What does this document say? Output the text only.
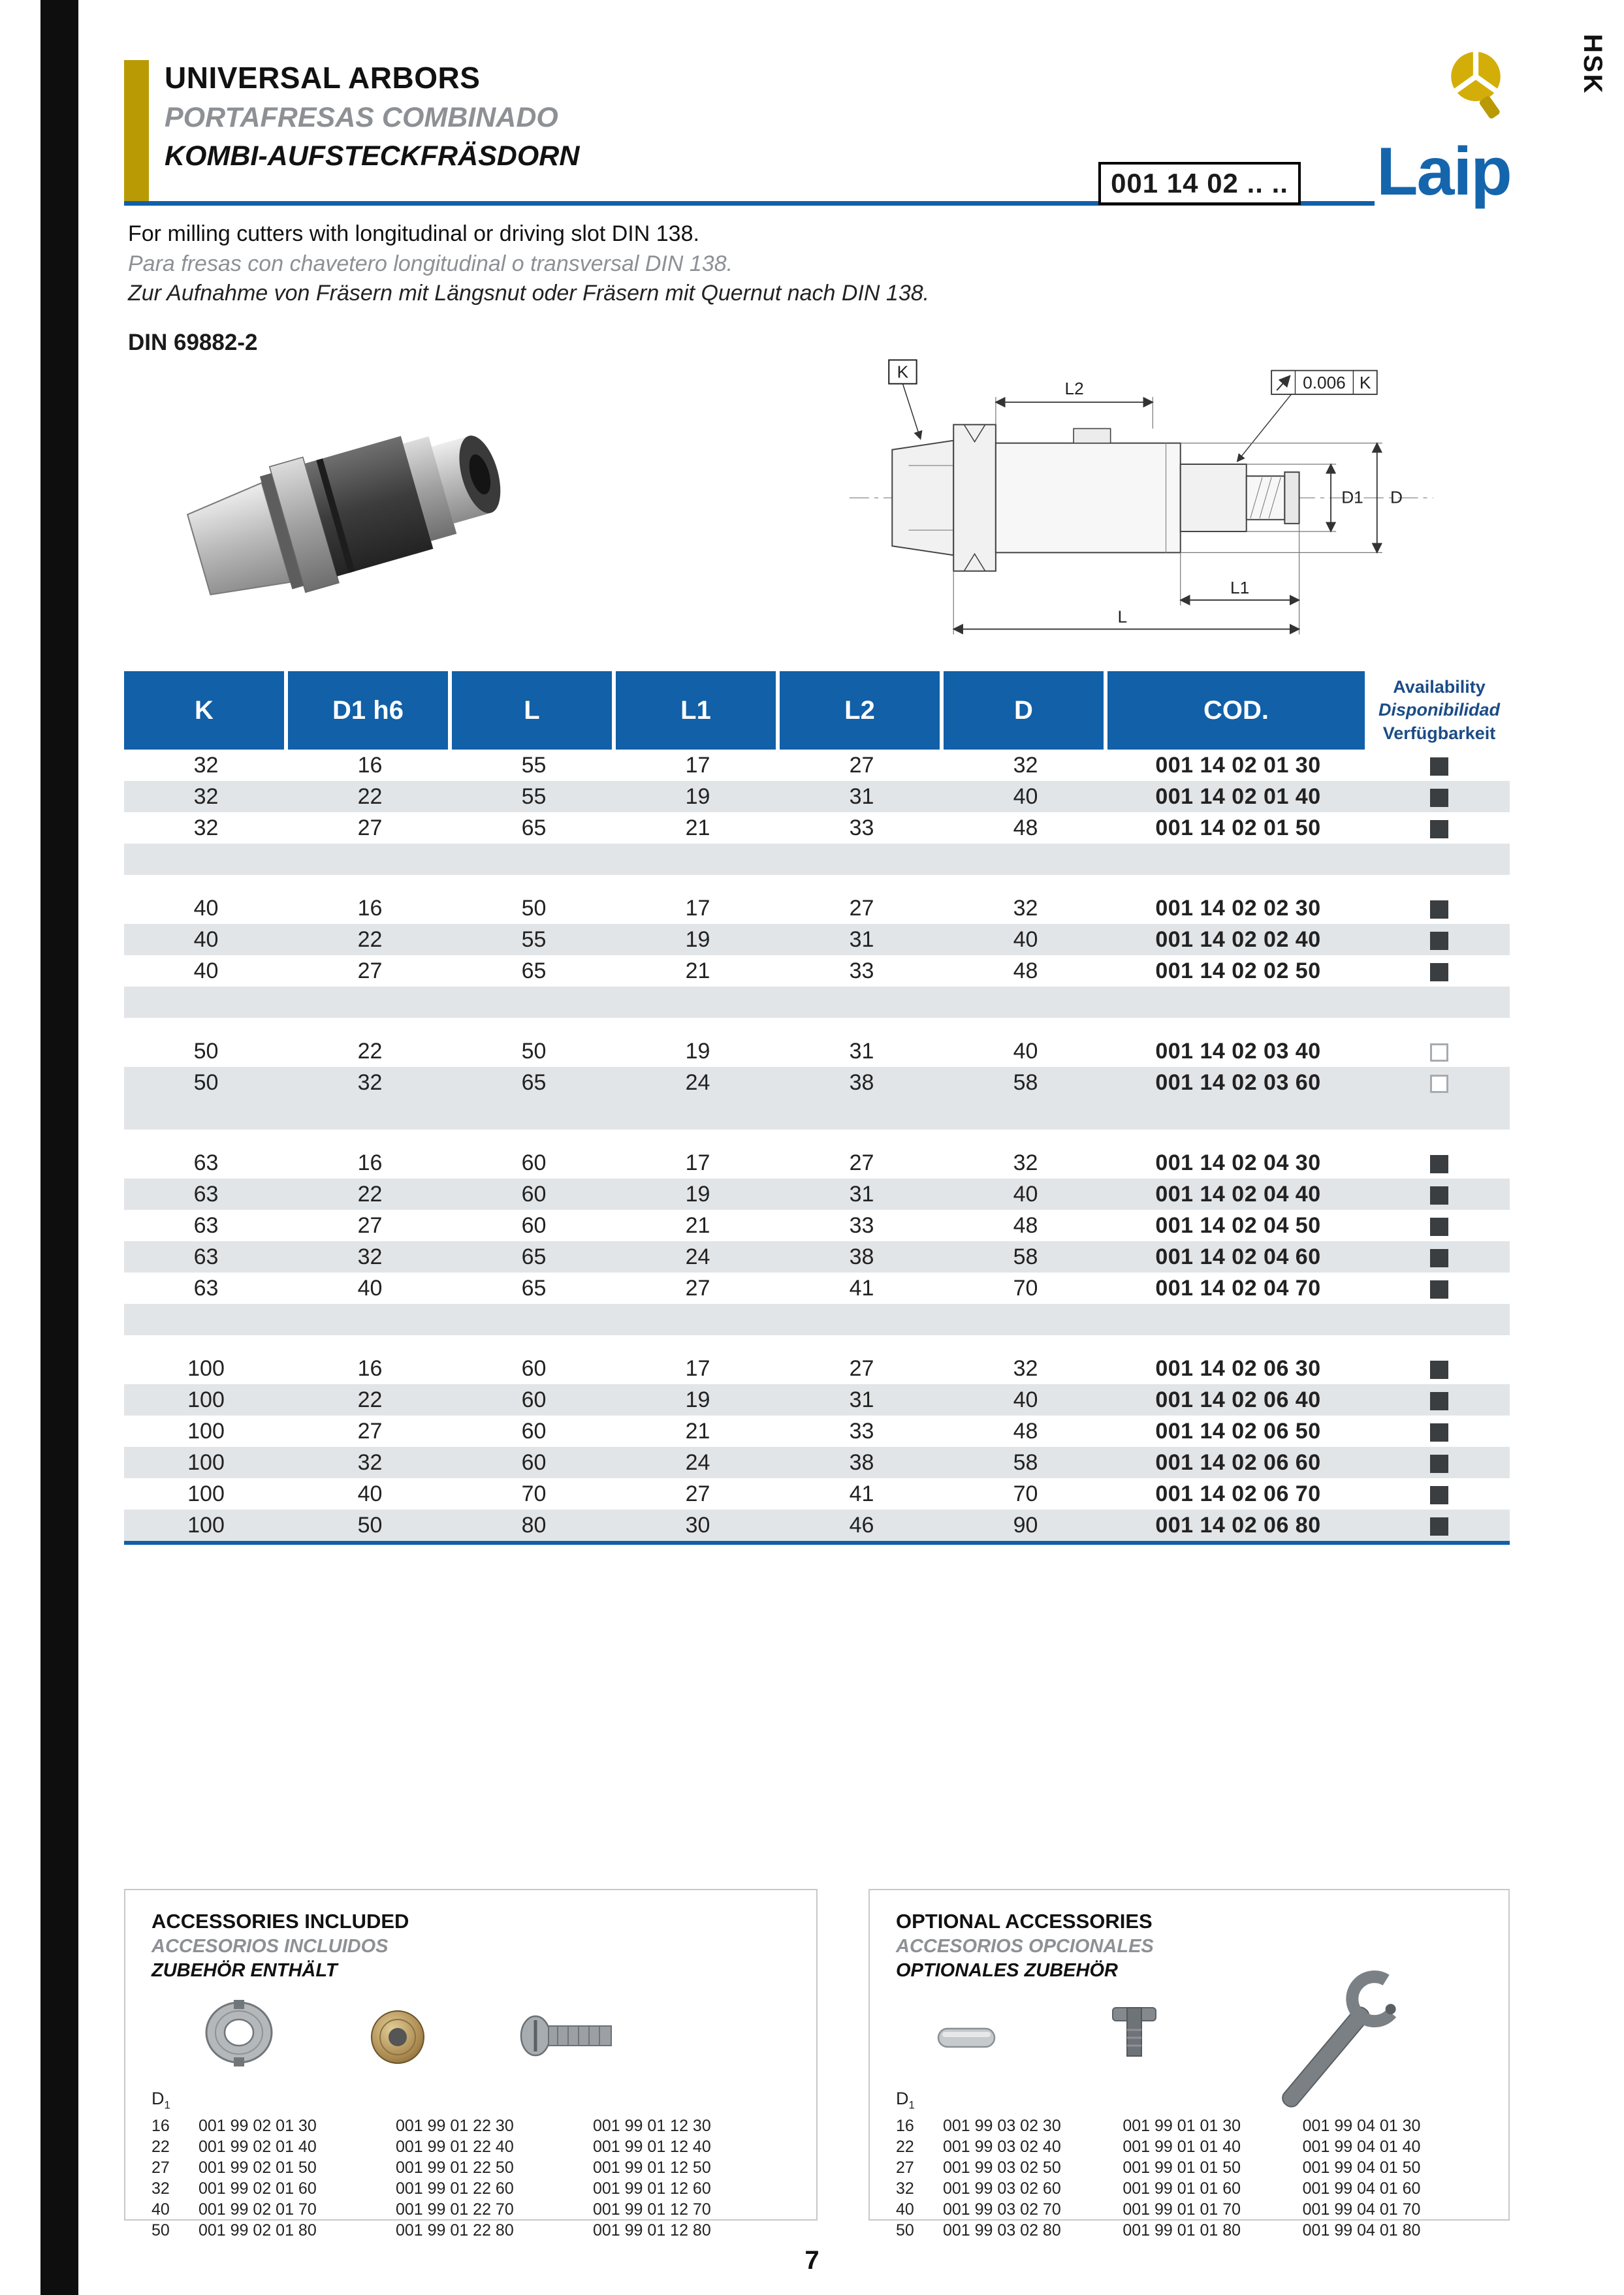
HSK
UNIVERSAL ARBORS
PORTAFRESAS COMBINADO
KOMBI-AUFSTECKFRÄSDORN
001 14 02 .. .. Laip
For milling cutters with longitudinal or driving slot DIN 138.
Para fresas con chavetero longitudinal o transversal DIN 138.
Zur Aufnahme von Fräsern mit Längsnut oder Fräsern mit Quernut nach DIN 138.
DIN 69882-2
K
L2	0.006 K
D1 D
L
L1
K	D1 h6	L	L1	L2	D	COD.	Availability
Disponibilidad
Verfügbarkeit

32	16	55	17	27	32	001 14 02 01 30	
32	22	55	19	31	40	001 14 02 01 40	
32	27	65	21	33	48	001 14 02 01 50	

40	16	50	17	27	32	001 14 02 02 30	
40	22	55	19	31	40	001 14 02 02 40	
40	27	65	21	33	48	001 14 02 02 50	

50	22	50	19	31	40	001 14 02 03 40	
50	32	65	24	38	58	001 14 02 03 60	

63	16	60	17	27	32	001 14 02 04 30	
63	22	60	19	31	40	001 14 02 04 40	
63	27	60	21	33	48	001 14 02 04 50	
63	32	65	24	38	58	001 14 02 04 60	
63	40	65	27	41	70	001 14 02 04 70	

100	16	60	17	27	32	001 14 02 06 30	
100	22	60	19	31	40	001 14 02 06 40	
100	27	60	21	33	48	001 14 02 06 50	
100	32	60	24	38	58	001 14 02 06 60	
100	40	70	27	41	70	001 14 02 06 70	
100	50	80	30	46	90	001 14 02 06 80	
ACCESSORIES INCLUDED
ACCESORIOS INCLUIDOS
ZUBEHÖR ENTHÄLT
$D_1$
16	001 99 02 01 30	001 99 01 22 30	001 99 01 12 30
22	001 99 02 01 40	001 99 01 22 40	001 99 01 12 40
27	001 99 02 01 50	001 99 01 22 50	001 99 01 12 50
32	001 99 02 01 60	001 99 01 22 60	001 99 01 12 60
40	001 99 02 01 70	001 99 01 22 70	001 99 01 12 70
50	001 99 02 01 80	001 99 01 22 80	001 99 01 12 80
OPTIONAL ACCESSORIES
ACCESORIOS OPCIONALES
OPTIONALES ZUBEHÖR
$D_1$
16	001 99 03 02 30	001 99 01 01 30	001 99 04 01 30
22	001 99 03 02 40	001 99 01 01 40	001 99 04 01 40
27	001 99 03 02 50	001 99 01 01 50	001 99 04 01 50
32	001 99 03 02 60	001 99 01 01 60	001 99 04 01 60
40	001 99 03 02 70	001 99 01 01 70	001 99 04 01 70
50	001 99 03 02 80	001 99 01 01 80	001 99 04 01 80
7
